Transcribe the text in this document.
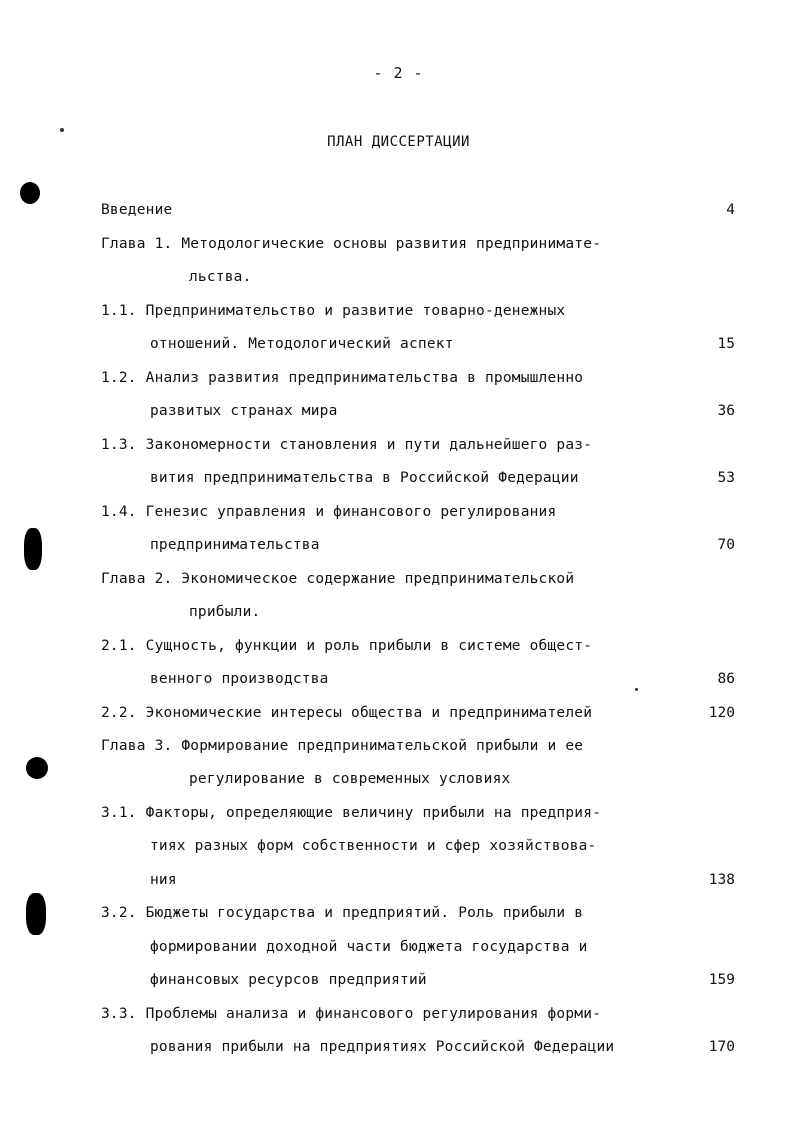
- 2 -
ПЛАН ДИССЕРТАЦИИ
Введение	4
Глава 1. Методологические основы развития предпринимате-
льства.
1.1. Предпринимательство и развитие товарно-денежных
отношений. Методологический аспект	15
1.2. Анализ развития предпринимательства в промышленно
развитых странах мира	36
1.3. Закономерности становления и пути дальнейшего раз-
вития предпринимательства в Российской Федерации	53
1.4. Генезис управления и финансового регулирования
предпринимательства	70
Глава 2. Экономическое содержание предпринимательской
прибыли.
2.1. Сущность, функции и роль прибыли в системе общест-
венного производства	86
2.2. Экономические интересы общества и предпринимателей	120
Глава 3. Формирование предпринимательской прибыли и ее
регулирование в современных условиях
3.1. Факторы, определяющие величину прибыли на предприя-
тиях разных форм собственности и сфер хозяйствова-
ния	138
3.2. Бюджеты государства и предприятий. Роль прибыли в
формировании доходной части бюджета государства и
финансовых ресурсов предприятий	159
3.3. Проблемы анализа и финансового регулирования форми-
рования прибыли на предприятиях Российской Федерации	170
